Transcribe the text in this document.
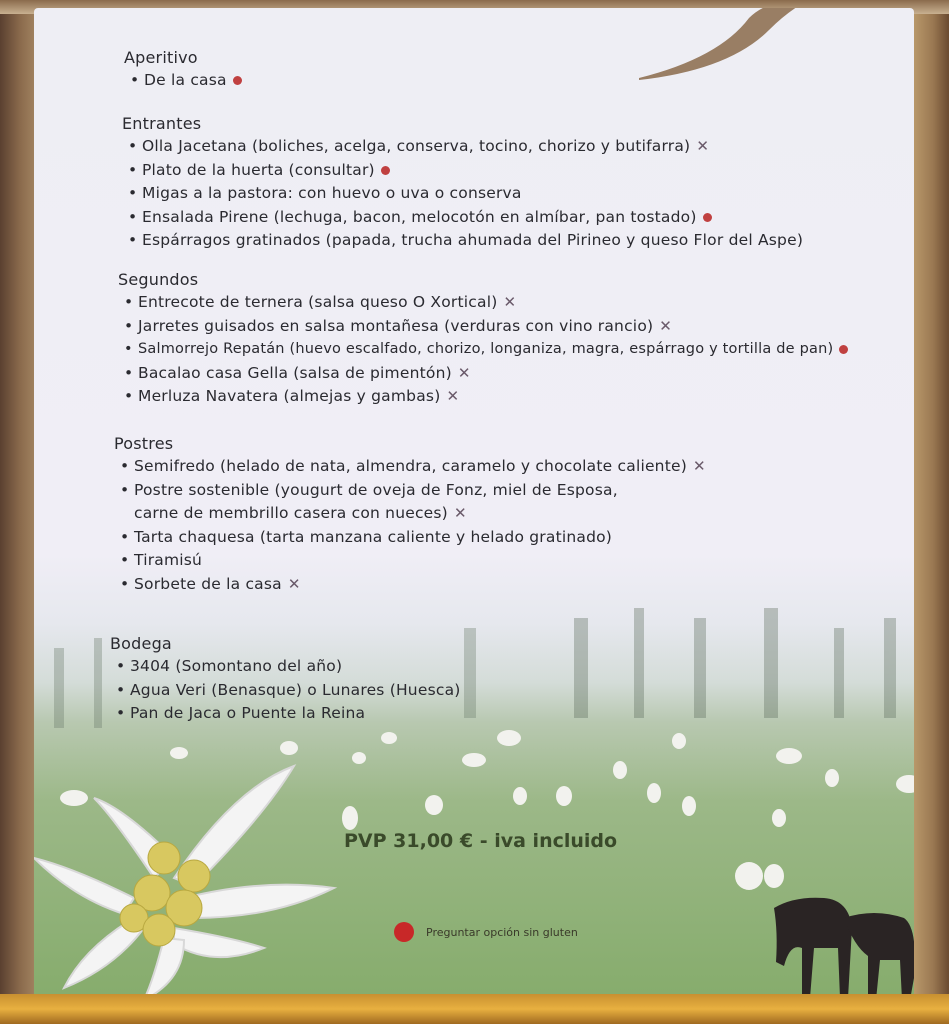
Aperitivo
• De la casa
Entrantes
• Olla Jacetana (boliches, acelga, conserva, tocino, chorizo y butifarra) ✕
• Plato de la huerta (consultar)
• Migas a la pastora: con huevo o uva o conserva
• Ensalada Pirene (lechuga, bacon, melocotón en almíbar, pan tostado)
• Espárragos gratinados (papada, trucha ahumada del Pirineo y queso Flor del Aspe)
Segundos
• Entrecote de ternera (salsa queso O Xortical) ✕
• Jarretes guisados en salsa montañesa (verduras con vino rancio) ✕
• Salmorrejo Repatán (huevo escalfado, chorizo, longaniza, magra, espárrago y tortilla de pan)
• Bacalao casa Gella (salsa de pimentón) ✕
• Merluza Navatera (almejas y gambas) ✕
Postres
• Semifredo (helado de nata, almendra, caramelo y chocolate caliente) ✕
• Postre sostenible (yougurt de oveja de Fonz, miel de Esposa,
carne de membrillo casera con nueces) ✕
• Tarta chaquesa (tarta manzana caliente y helado gratinado)
• Tiramisú
• Sorbete de la casa ✕
Bodega
• 3404 (Somontano del año)
• Agua Veri (Benasque) o Lunares (Huesca)
• Pan de Jaca o Puente la Reina
PVP 31,00 € - iva incluido
Preguntar opción sin gluten
